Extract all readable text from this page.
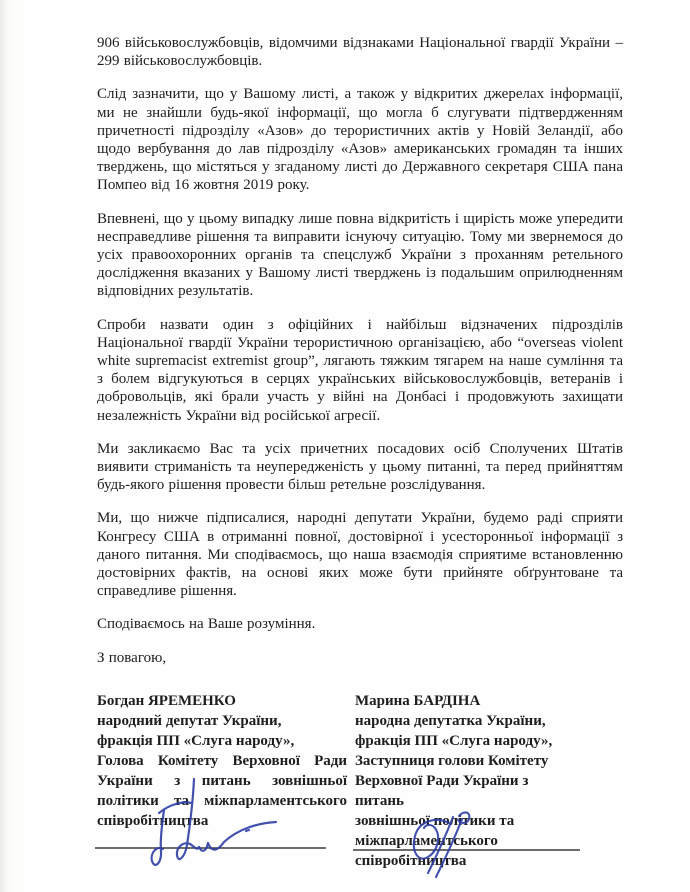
906 військовослужбовців, відомчими відзнаками Національної гвардії України – 299 військовослужбовців.

Слід зазначити, що у Вашому листі, а також у відкритих джерелах інформації, ми не знайшли будь-якої інформації, що могла б слугувати підтвердженням причетності підрозділу «Азов» до терористичних актів у Новій Зеландії, або щодо вербування до лав підрозділу «Азов» американських громадян та інших тверджень, що містяться у згаданому листі до Державного секретаря США пана Помпео від 16 жовтня 2019 року.

Впевнені, що у цьому випадку лише повна відкритість і щирість може упередити несправедливе рішення та виправити існуючу ситуацію. Тому ми звернемося до усіх правоохоронних органів та спецслужб України з проханням ретельного дослідження вказаних у Вашому листі тверджень із подальшим оприлюдненням відповідних результатів.

Спроби назвати один з офіційних і найбільш відзначених підрозділів Національної гвардії України терористичною організацією, або “overseas violent white supremacist extremist group”, лягають тяжким тягарем на наше сумління та з болем відгукуються в серцях українських військовослужбовців, ветеранів і добровольців, які брали участь у війні на Донбасі і продовжують захищати незалежність України від російської агресії.

Ми закликаємо Вас та усіх причетних посадових осіб Сполучених Штатів виявити стриманість та неупередженість у цьому питанні, та перед прийняттям будь-якого рішення провести більш ретельне розслідування.

Ми, що нижче підписалися, народні депутати України, будемо раді сприяти Конгресу США в отриманні повної, достовірної і усесторонньої інформації з даного питання. Ми сподіваємось, що наша взаємодія сприятиме встановленню достовірних фактів, на основі яких може бути прийняте обґрунтоване та справедливе рішення.

Сподіваємось на Ваше розуміння.

З повагою,

Богдан ЯРЕМЕНКО
народний депутат України,
фракція ПП «Слуга народу»,
Голова Комітету Верховної Ради
України з питань зовнішньої
політики та міжпарламентського
співробітництва
Марина БАРДІНА
народна депутатка України,
фракція ПП «Слуга народу»,
Заступниця голови Комітету
Верховної Ради України з питань
зовнішньої політики та
міжпарламентського
співробітництва
